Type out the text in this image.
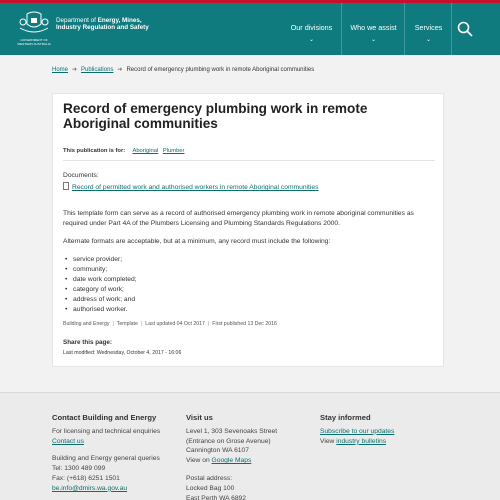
GOVERNMENT OF
WESTERN AUSTRALIA
Department of Energy, Mines,
Industry Regulation and Safety	Our divisions
⌄
Who we assist
⌄
Services
⌄
Home ➔ Publications ➔ Record of emergency plumbing work in remote Aboriginal communities
Record of emergency plumbing work in remote Aboriginal communities
This publication is for: Aboriginal Plumber
Documents:
Record of permitted work and authorised workers in remote Aboriginal communities

This template form can serve as a record of authorised emergency plumbing work in remote aboriginal communities as required under Part 4A of the Plumbers Licensing and Plumbing Standards Regulations 2000.

Alternate formats are acceptable, but at a minimum, any record must include the following:

• service provider;
• community;
• date work completed;
• category of work;
• address of work; and
• authorised worker.
Building and Energy | Template | Last updated 04 Oct 2017 | First published 13 Dec 2016
Share this page:
Last modified: Wednesday, October 4, 2017 - 16:06
Contact Building and Energy

For licensing and technical enquiries

Contact us

Building and Energy general queries

Tel: 1300 489 099

Fax: (+618) 6251 1501

be.info@dmirs.wa.gov.au

Visit us

Level 1, 303 Sevenoaks Street

(Entrance on Grose Avenue)

Cannington WA 6107

View on Google Maps

Postal address:

Locked Bag 100

East Perth WA 6892

Stay informed

Subscribe to our updates

View industry bulletins
